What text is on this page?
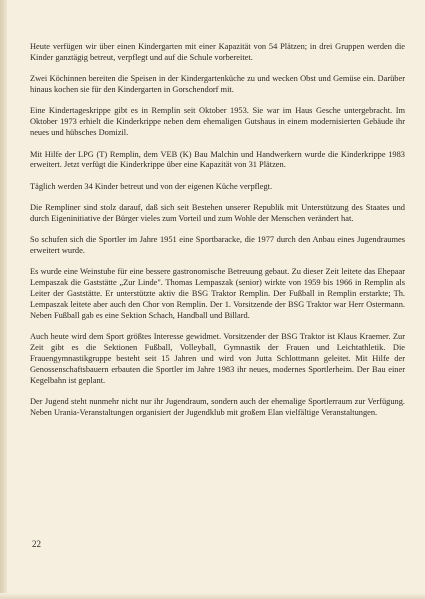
Heute verfügen wir über einen Kindergarten mit einer Kapazität von 54 Plätzen; in drei Gruppen werden die Kinder ganztägig betreut, verpflegt und auf die Schule vorbereitet.

Zwei Köchinnen bereiten die Speisen in der Kindergartenküche zu und wecken Obst und Gemüse ein. Darüber hinaus kochen sie für den Kindergarten in Gorschendorf mit.

Eine Kindertageskrippe gibt es in Remplin seit Oktober 1953. Sie war im Haus Gesche untergebracht. Im Oktober 1973 erhielt die Kinderkrippe neben dem ehemaligen Gutshaus in einem modernisierten Gebäude ihr neues und hübsches Domizil.

Mit Hilfe der LPG (T) Remplin, dem VEB (K) Bau Malchin und Handwerkern wurde die Kinderkrippe 1983 erweitert. Jetzt verfügt die Kinderkrippe über eine Kapazität von 31 Plätzen.

Täglich werden 34 Kinder betreut und von der eigenen Küche verpflegt.

Die Rempliner sind stolz darauf, daß sich seit Bestehen unserer Republik mit Unterstützung des Staates und durch Eigeninitiative der Bürger vieles zum Vorteil und zum Wohle der Menschen verändert hat.

So schufen sich die Sportler im Jahre 1951 eine Sportbaracke, die 1977 durch den Anbau eines Jugendraumes erweitert wurde.

Es wurde eine Weinstube für eine bessere gastronomische Betreuung gebaut. Zu dieser Zeit leitete das Ehepaar Lempaszak die Gaststätte „Zur Linde". Thomas Lempaszak (senior) wirkte von 1959 bis 1966 in Remplin als Leiter der Gaststätte. Er unterstützte aktiv die BSG Traktor Remplin. Der Fußball in Remplin erstarkte; Th. Lempaszak leitete aber auch den Chor von Remplin. Der 1. Vorsitzende der BSG Traktor war Herr Ostermann. Neben Fußball gab es eine Sektion Schach, Handball und Billard.

Auch heute wird dem Sport größtes Interesse gewidmet. Vorsitzender der BSG Traktor ist Klaus Kraemer. Zur Zeit gibt es die Sektionen Fußball, Volleyball, Gymnastik der Frauen und Leichtathletik. Die Frauengymnastikgruppe besteht seit 15 Jahren und wird von Jutta Schlottmann geleitet. Mit Hilfe der Genossenschaftsbauern erbauten die Sportler im Jahre 1983 ihr neues, modernes Sportlerheim. Der Bau einer Kegelbahn ist geplant.

Der Jugend steht nunmehr nicht nur ihr Jugendraum, sondern auch der ehemalige Sportlerraum zur Verfügung. Neben Urania-Veranstaltungen organisiert der Jugendklub mit großem Elan vielfältige Veranstaltungen.

22
